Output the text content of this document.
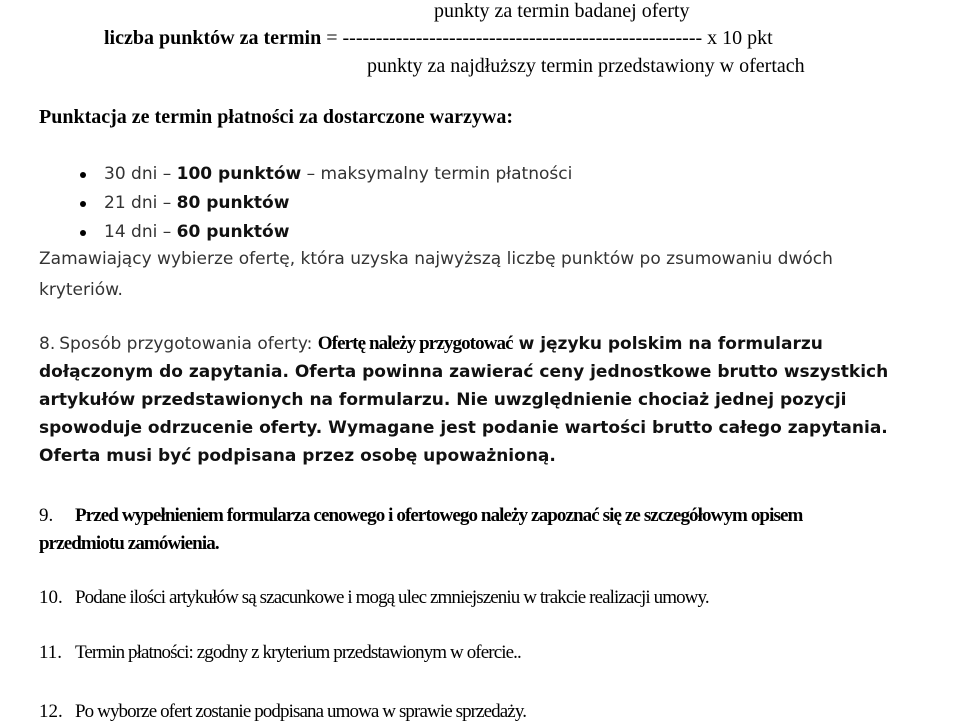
punkty za termin badanej oferty
liczba punktów za termin = ------------------------------------------------------ x 10 pkt
punkty za najdłuższy termin przedstawiony w ofertach
Punktacja ze termin płatności za dostarczone warzywa:
30 dni – 100 punktów – maksymalny termin płatności
21 dni – 80 punktów
14 dni – 60 punktów
Zamawiający wybierze ofertę, która uzyska najwyższą liczbę punktów po zsumowaniu dwóch
kryteriów.
8. Sposób przygotowania oferty: Ofertę należy przygotować w języku polskim na formularzu
dołączonym do zapytania. Oferta powinna zawierać ceny jednostkowe brutto wszystkich
artykułów przedstawionych na formularzu. Nie uwzględnienie chociaż jednej pozycji
spowoduje odrzucenie oferty. Wymagane jest podanie wartości brutto całego zapytania.
Oferta musi być podpisana przez osobę upoważnioną.
9. Przed wypełnieniem formularza cenowego i ofertowego należy zapoznać się ze szczegółowym opisem
przedmiotu zamówienia.
10. Podane ilości artykułów są szacunkowe i mogą ulec zmniejszeniu w trakcie realizacji umowy.
11. Termin płatności: zgodny z kryterium przedstawionym w ofercie..
12. Po wyborze ofert zostanie podpisana umowa w sprawie sprzedaży.
